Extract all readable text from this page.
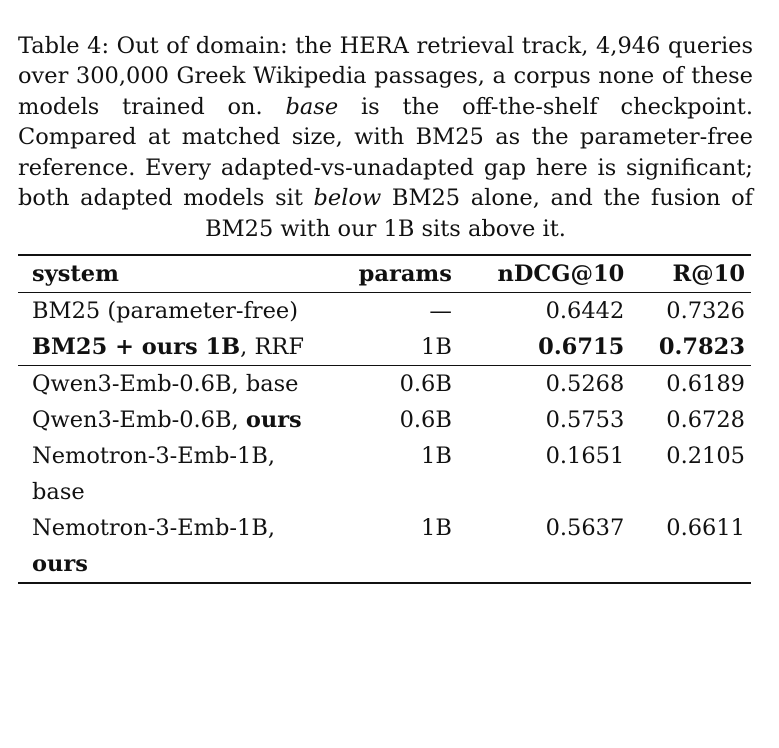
Table 4: Out of domain: the HERA retrieval track, 4,946 queries over 300,000 Greek Wikipedia passages, a corpus none of these models trained on. base is the off-the-shelf checkpoint. Compared at matched size, with BM25 as the parameter-free reference. Every adapted-vs-unadapted gap here is significant; both adapted models sit below BM25 alone, and the fusion of BM25 with our 1B sits above it.

system	params	nDCG@10	R@10
BM25 (parameter-free)	—	0.6442	0.7326
BM25 + ours 1B, RRF	1B	0.6715	0.7823
Qwen3-Emb-0.6B, base	0.6B	0.5268	0.6189
Qwen3-Emb-0.6B, ours	0.6B	0.5753	0.6728
Nemotron-3-Emb-1B, base	1B	0.1651	0.2105
Nemotron-3-Emb-1B, ours	1B	0.5637	0.6611
